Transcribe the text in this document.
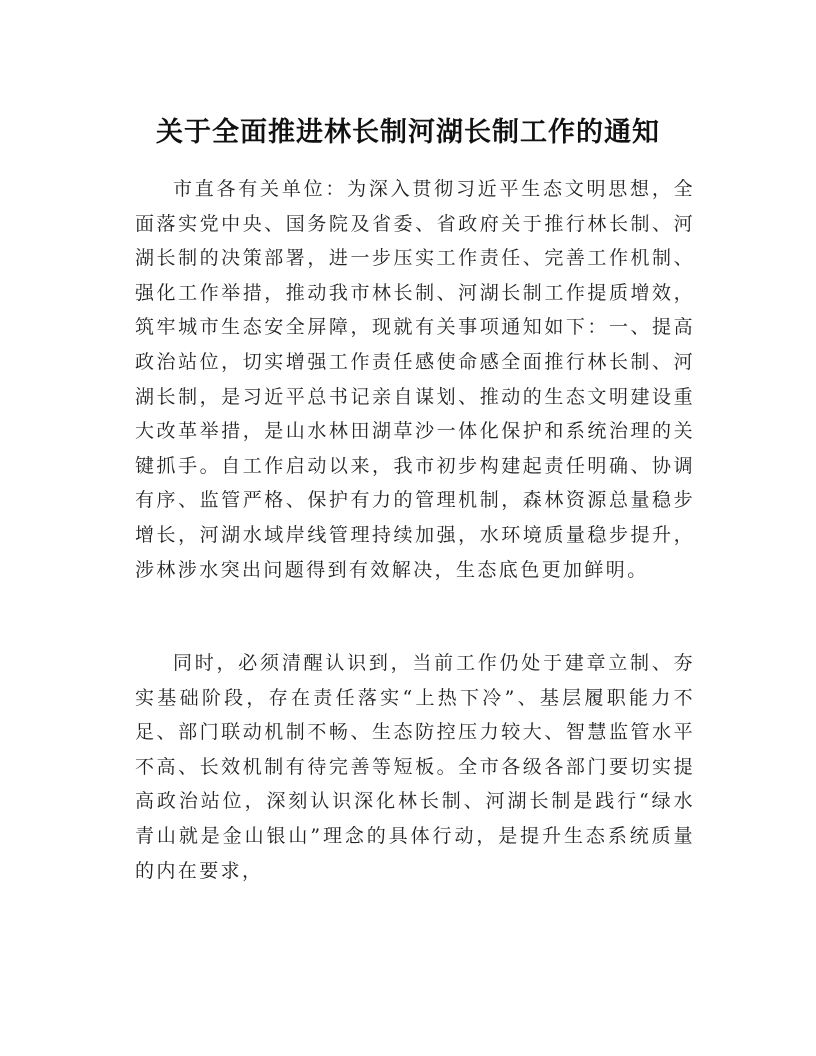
关于全面推进林长制河湖长制工作的通知

市直各有关单位：为深入贯彻习近平生态文明思想，全面落实党中央、国务院及省委、省政府关于推行林长制、河湖长制的决策部署，进一步压实工作责任、完善工作机制、强化工作举措，推动我市林长制、河湖长制工作提质增效，筑牢城市生态安全屏障，现就有关事项通知如下：一、提高政治站位，切实增强工作责任感使命感全面推行林长制、河湖长制，是习近平总书记亲自谋划、推动的生态文明建设重大改革举措，是山水林田湖草沙一体化保护和系统治理的关键抓手。自工作启动以来，我市初步构建起责任明确、协调有序、监管严格、保护有力的管理机制，森林资源总量稳步增长，河湖水域岸线管理持续加强，水环境质量稳步提升，涉林涉水突出问题得到有效解决，生态底色更加鲜明。

同时，必须清醒认识到，当前工作仍处于建章立制、夯实基础阶段，存在责任落实“上热下冷”、基层履职能力不足、部门联动机制不畅、生态防控压力较大、智慧监管水平不高、长效机制有待完善等短板。全市各级各部门要切实提高政治站位，深刻认识深化林长制、河湖长制是践行“绿水青山就是金山银山”理念的具体行动，是提升生态系统质量的内在要求，
